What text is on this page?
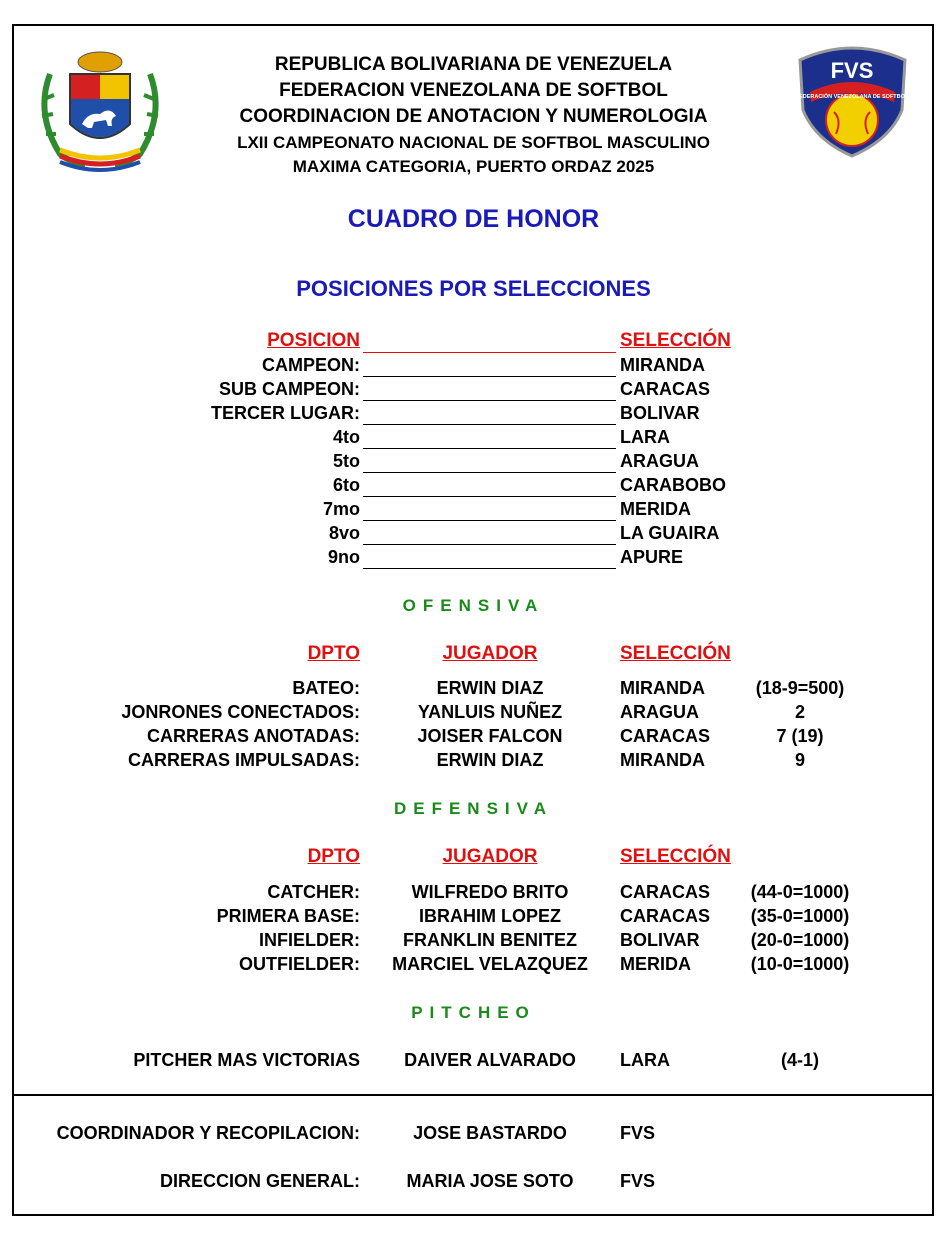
FVS
FEDERACIÓN VENEZOLANA DE SOFTBOL
REPUBLICA BOLIVARIANA DE VENEZUELA
FEDERACION VENEZOLANA DE SOFTBOL
COORDINACION DE ANOTACION Y NUMEROLOGIA
LXII CAMPEONATO NACIONAL DE SOFTBOL MASCULINO
MAXIMA CATEGORIA, PUERTO ORDAZ 2025
CUADRO DE HONOR
POSICIONES POR SELECCIONES
POSICION	SELECCIÓN
CAMPEON:	MIRANDA
SUB CAMPEON:	CARACAS
TERCER LUGAR:	BOLIVAR
4to	LARA
5to	ARAGUA
6to	CARABOBO
7mo	MERIDA
8vo	LA GUAIRA
9no	APURE
OFENSIVA
DPTO	JUGADOR	SELECCIÓN
BATEO:	ERWIN DIAZ	MIRANDA	(18-9=500)
JONRONES CONECTADOS:	YANLUIS NUÑEZ	ARAGUA	2
CARRERAS ANOTADAS:	JOISER FALCON	CARACAS	7 (19)
CARRERAS IMPULSADAS:	ERWIN DIAZ	MIRANDA	9
DEFENSIVA
DPTO	JUGADOR	SELECCIÓN
CATCHER:	WILFREDO BRITO	CARACAS	(44-0=1000)
PRIMERA BASE:	IBRAHIM LOPEZ	CARACAS	(35-0=1000)
INFIELDER:	FRANKLIN BENITEZ	BOLIVAR	(20-0=1000)
OUTFIELDER:	MARCIEL VELAZQUEZ	MERIDA	(10-0=1000)
PITCHEO
PITCHER MAS VICTORIAS	DAIVER ALVARADO	LARA	(4-1)
COORDINADOR Y RECOPILACION:	JOSE BASTARDO	FVS
DIRECCION GENERAL:	MARIA JOSE SOTO	FVS
